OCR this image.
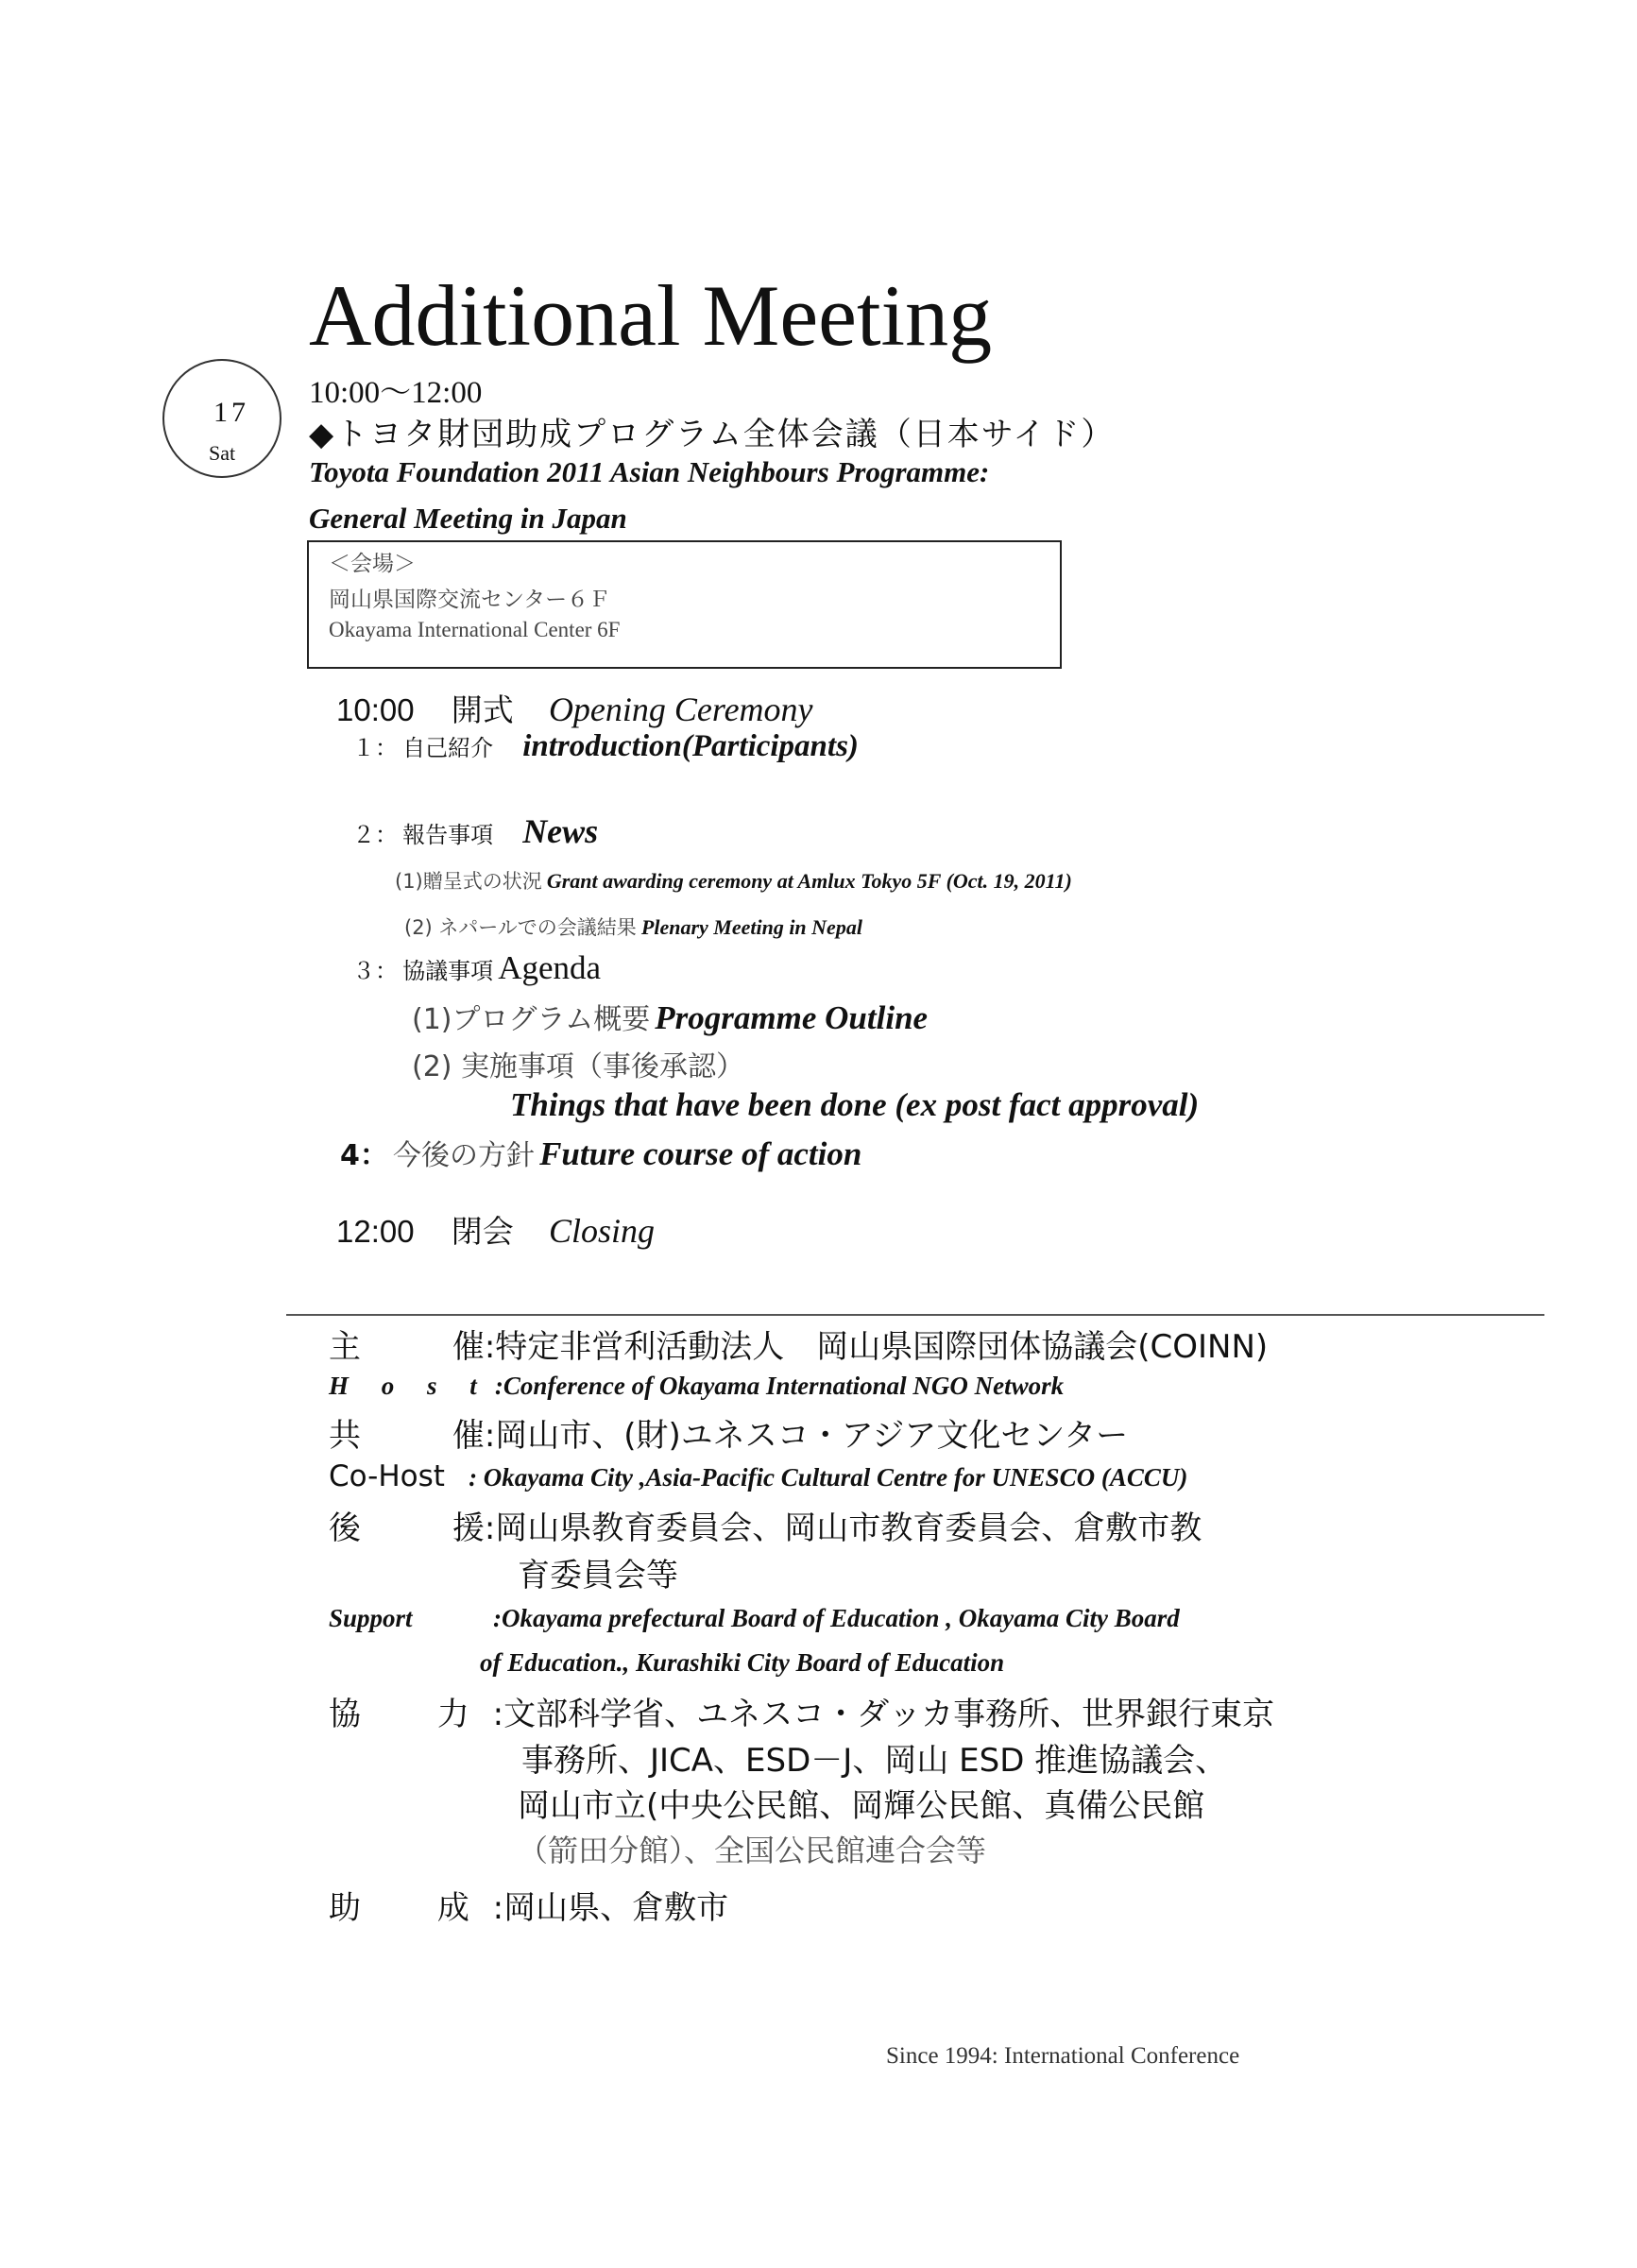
Additional Meeting
17
Sat
10:00〜12:00
◆トヨタ財団助成プログラム全体会議（日本サイド）
Toyota Foundation 2011 Asian Neighbours Programme:
General Meeting in Japan
＜会場＞
岡山県国際交流センター６Ｆ
Okayama International Center 6F
10:00 開式 Opening Ceremony
１： 自己紹介 introduction(Participants)
２： 報告事項 News
(1)贈呈式の状況 Grant awarding ceremony at Amlux Tokyo 5F (Oct. 19, 2011)
(2) ネパールでの会議結果 Plenary Meeting in Nepal
３： 協議事項 Agenda
(1)プログラム概要 Programme Outline
(2) 実施事項（事後承認）
Things that have been done (ex post fact approval)
4： 今後の方針 Future course of action
12:00 閉会 Closing
主	催:特定非営利活動法人　岡山県国際団体協議会(COINN)
H o s t :Conference of Okayama International NGO Network
共	催:岡山市、(財)ユネスコ・アジア文化センター
Co-Host : Okayama City ,Asia-Pacific Cultural Centre for UNESCO (ACCU)
後	援:岡山県教育委員会、岡山市教育委員会、倉敷市教
育委員会等
Support	:Okayama prefectural Board of Education , Okayama City Board
of Education., Kurashiki City Board of Education
協 力 :文部科学省、ユネスコ・ダッカ事務所、世界銀行東京
事務所、JICA、ESD－J、岡山 ESD 推進協議会、
岡山市立(中央公民館、岡輝公民館、真備公民館
（箭田分館）、全国公民館連合会等
助 成 :岡山県、倉敷市
Since 1994: International Conference
